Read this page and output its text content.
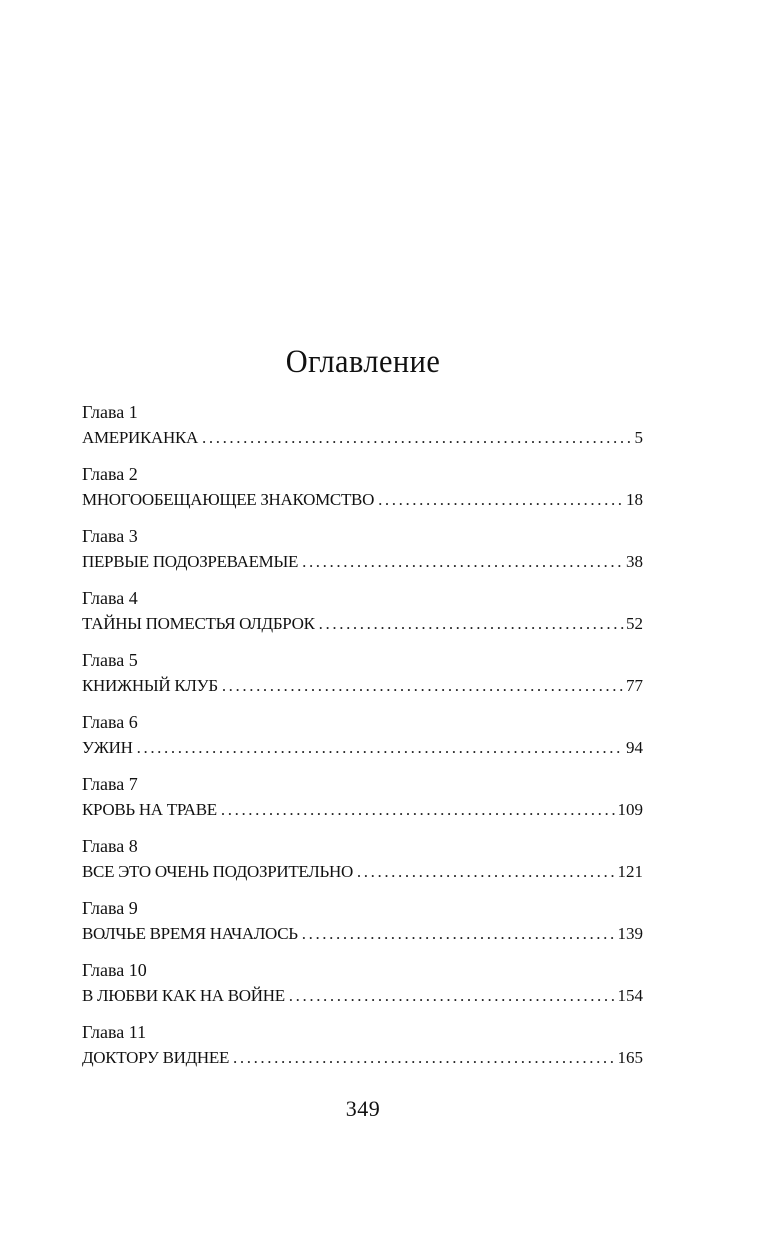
Оглавление
Глава 1
АМЕРИКАНКА .....	5
Глава 2
МНОГООБЕЩАЮЩЕЕ ЗНАКОМСТВО .....	18
Глава 3
ПЕРВЫЕ ПОДОЗРЕВАЕМЫЕ .....	38
Глава 4
ТАЙНЫ ПОМЕСТЬЯ ОЛДБРОК .....	52
Глава 5
КНИЖНЫЙ КЛУБ .....	77
Глава 6
УЖИН .....	94
Глава 7
КРОВЬ НА ТРАВЕ .....	109
Глава 8
ВСЕ ЭТО ОЧЕНЬ ПОДОЗРИТЕЛЬНО .....	121
Глава 9
ВОЛЧЬЕ ВРЕМЯ НАЧАЛОСЬ .....	139
Глава 10
В ЛЮБВИ КАК НА ВОЙНЕ .....	154
Глава 11
ДОКТОРУ ВИДНЕЕ .....	165
349
